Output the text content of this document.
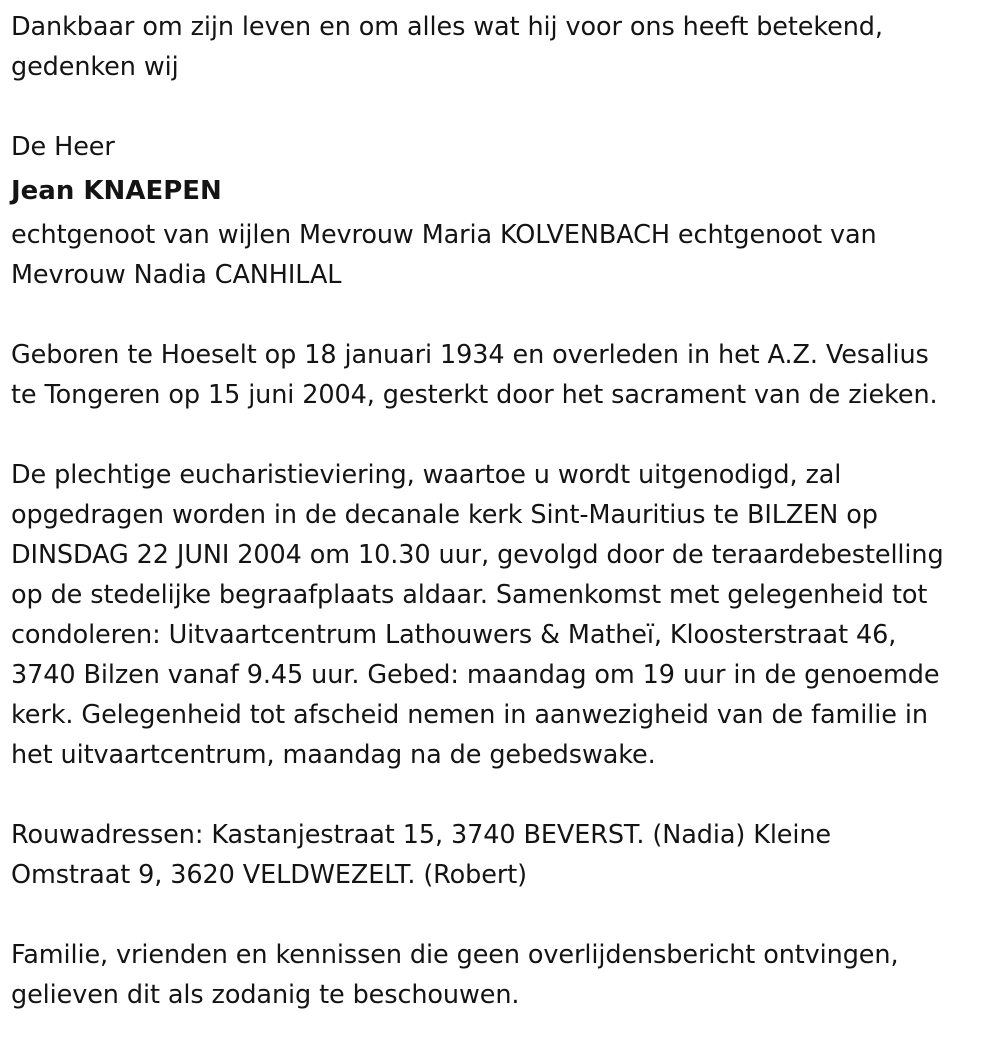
Dankbaar om zijn leven en om alles wat hij voor ons heeft betekend,

gedenken wij

De Heer

Jean KNAEPEN

echtgenoot van wijlen Mevrouw Maria KOLVENBACH echtgenoot van

Mevrouw Nadia CANHILAL

Geboren te Hoeselt op 18 januari 1934 en overleden in het A.Z. Vesalius

te Tongeren op 15 juni 2004, gesterkt door het sacrament van de zieken.

De plechtige eucharistieviering, waartoe u wordt uitgenodigd, zal

opgedragen worden in de decanale kerk Sint-Mauritius te BILZEN op

DINSDAG 22 JUNI 2004 om 10.30 uur, gevolgd door de teraardebestelling

op de stedelijke begraafplaats aldaar. Samenkomst met gelegenheid tot

condoleren: Uitvaartcentrum Lathouwers & Matheï, Kloosterstraat 46,

3740 Bilzen vanaf 9.45 uur. Gebed: maandag om 19 uur in de genoemde

kerk. Gelegenheid tot afscheid nemen in aanwezigheid van de familie in

het uitvaartcentrum, maandag na de gebedswake.

Rouwadressen: Kastanjestraat 15, 3740 BEVERST. (Nadia) Kleine

Omstraat 9, 3620 VELDWEZELT. (Robert)

Familie, vrienden en kennissen die geen overlijdensbericht ontvingen,

gelieven dit als zodanig te beschouwen.
